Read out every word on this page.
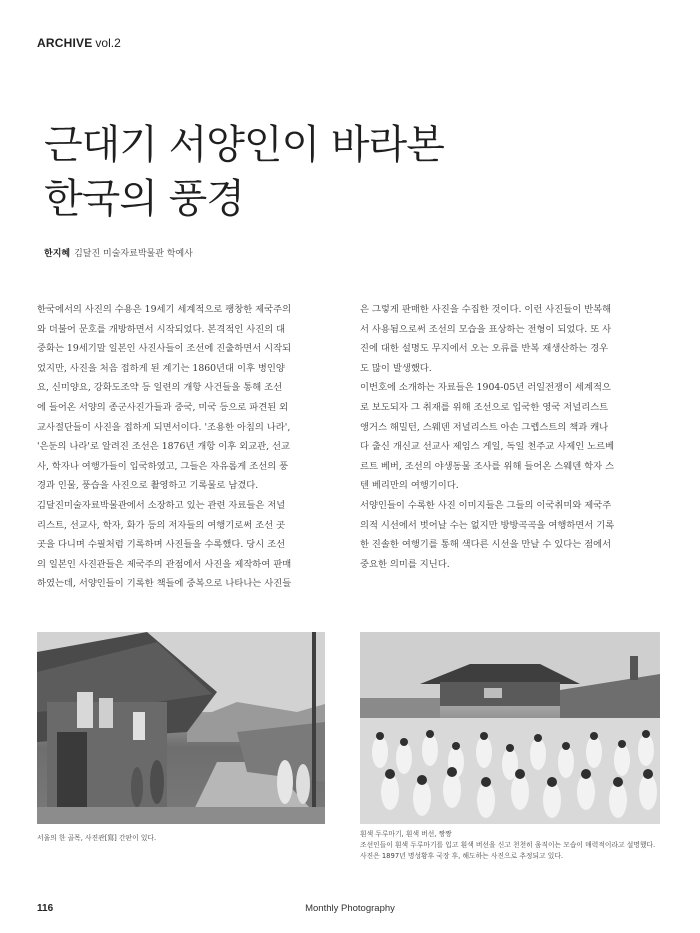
ARCHIVE vol.2
근대기 서양인이 바라본
한국의 풍경
한지혜 김달진 미술자료박물관 학예사

한국에서의 사진의 수용은 19세기 세계적으로 팽창한 제국주의
와 더불어 문호를 개방하면서 시작되었다. 본격적인 사진의 대
중화는 19세기말 일본인 사진사들이 조선에 진출하면서 시작되
었지만, 사진을 처음 접하게 된 계기는 1860년대 이후 병인양
요, 신미양요, 강화도조약 등 일련의 개항 사건들을 통해 조선
에 들어온 서양의 종군사진가들과 중국, 미국 등으로 파견된 외
교사절단들이 사진을 접하게 되면서이다. '조용한 아침의 나라',
'은둔의 나라'로 알려진 조선은 1876년 개항 이후 외교관, 선교
사, 학자나 여행가들이 입국하였고, 그들은 자유롭게 조선의 풍
경과 인물, 풍습을 사진으로 촬영하고 기록물로 남겼다.

김달진미술자료박물관에서 소장하고 있는 관련 자료들은 저널
리스트, 선교사, 학자, 화가 등의 저자들의 여행기로써 조선 곳
곳을 다니며 수필처럼 기록하며 사진들을 수록했다. 당시 조선
의 일본인 사진관들은 제국주의 관점에서 사진을 제작하여 판매
하였는데, 서양인들이 기록한 책들에 중복으로 나타나는 사진들

은 그렇게 판매한 사진을 수집한 것이다. 이런 사진들이 반복해
서 사용됨으로써 조선의 모습을 표상하는 전형이 되었다. 또 사
진에 대한 설명도 무지에서 오는 오류를 반복 재생산하는 경우
도 많이 발생했다.

이번호에 소개하는 자료들은 1904-05년 러일전쟁이 세계적으
로 보도되자 그 취재를 위해 조선으로 입국한 영국 저널리스트
앵거스 해밀턴, 스웨덴 저널리스트 아손 그렙스트의 책과 캐나
다 출신 개신교 선교사 제임스 게일, 독일 천주교 사제인 노르베
르트 베버, 조선의 야생동물 조사를 위해 들어온 스웨덴 학자 스
텐 베리만의 여행기이다.

서양인들이 수록한 사진 이미지들은 그들의 이국취미와 제국주
의적 시선에서 벗어날 수는 없지만 방방곡곡을 여행하면서 기록
한 진솔한 여행기를 통해 색다른 시선을 만날 수 있다는 점에서
중요한 의미를 지닌다.

서울의 한 골목, 사진관[寫] 간판이 있다.	흰색 두루마기, 흰색 버선, 짱짱
조선인들이 흰색 두루마기를 입고 흰색 버선을 신고 천천히 움직이는 모습이 매력적이라고 설명했다.
사진은 1897년 명성황후 국장 후, 해도하는 사진으로 추정되고 있다.
116	Monthly Photography
